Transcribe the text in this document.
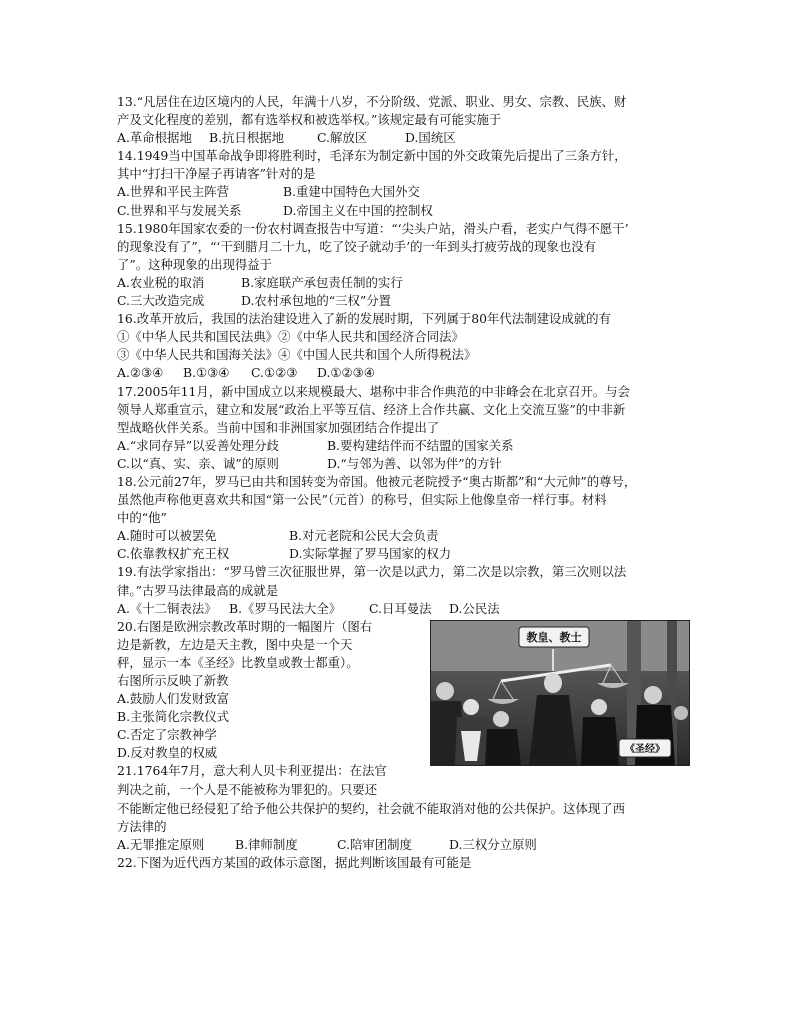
13.“凡居住在边区境内的人民，年满十八岁，不分阶级、党派、职业、男女、宗教、民族、财
产及文化程度的差别，都有选举权和被选举权。”该规定最有可能实施于
A.革命根据地	B.抗日根据地	C.解放区	D.国统区
14.1949当中国革命战争即将胜利时，毛泽东为制定新中国的外交政策先后提出了三条方针，
其中“打扫干净屋子再请客”针对的是
A.世界和平民主阵营	B.重建中国特色大国外交
C.世界和平与发展关系	D.帝国主义在中国的控制权
15.1980年国家农委的一份农村调查报告中写道：“‘尖头户站，滑头户看，老实户气得不愿干’
的现象没有了”，“‘干到腊月二十九，吃了饺子就动手’的一年到头打疲劳战的现象也没有
了”。这种现象的出现得益于
A.农业税的取消	B.家庭联产承包责任制的实行
C.三大改造完成	D.农村承包地的“三权”分置
16.改革开放后，我国的法治建设进入了新的发展时期，下列属于80年代法制建设成就的有
①《中华人民共和国民法典》②《中华人民共和国经济合同法》
③《中华人民共和国海关法》④《中国人民共和国个人所得税法》
A.②③④	B.①③④	C.①②③	D.①②③④
17.2005年11月，新中国成立以来规模最大、堪称中非合作典范的中非峰会在北京召开。与会
领导人郑重宣示，建立和发展“政治上平等互信、经济上合作共赢、文化上交流互鉴”的中非新
型战略伙伴关系。当前中国和非洲国家加强团结合作提出了
A.“求同存异”以妥善处理分歧	B.要构建结伴而不结盟的国家关系
C.以“真、实、亲、诚”的原则	D.“与邻为善、以邻为伴”的方针
18.公元前27年，罗马已由共和国转变为帝国。他被元老院授予“奥古斯都”和“大元帅”的尊号，
虽然他声称他更喜欢共和国“第一公民”（元首）的称号，但实际上他像皇帝一样行事。材料
中的“他”
A.随时可以被罢免	B.对元老院和公民大会负责
C.依靠教权扩充王权	D.实际掌握了罗马国家的权力
19.有法学家指出：“罗马曾三次征服世界，第一次是以武力，第二次是以宗教，第三次则以法
律。”古罗马法律最高的成就是
A.《十二铜表法》 B.《罗马民法大全》	C.日耳曼法	D.公民法
20.右图是欧洲宗教改革时期的一幅图片（图右
边是新教，左边是天主教，图中央是一个天
秤，显示一本《圣经》比教皇或教士都重）。
右图所示反映了新教
A.鼓励人们发财致富
B.主张简化宗教仪式
C.否定了宗教神学
D.反对教皇的权威
21.1764年7月，意大利人贝卡利亚提出：在法官
判决之前，一个人是不能被称为罪犯的。只要还
教皇、教士
《圣经》
不能断定他已经侵犯了给予他公共保护的契约，社会就不能取消对他的公共保护。这体现了西
方法律的
A.无罪推定原则	B.律师制度	C.陪审团制度	D.三权分立原则
22.下图为近代西方某国的政体示意图，据此判断该国最有可能是
